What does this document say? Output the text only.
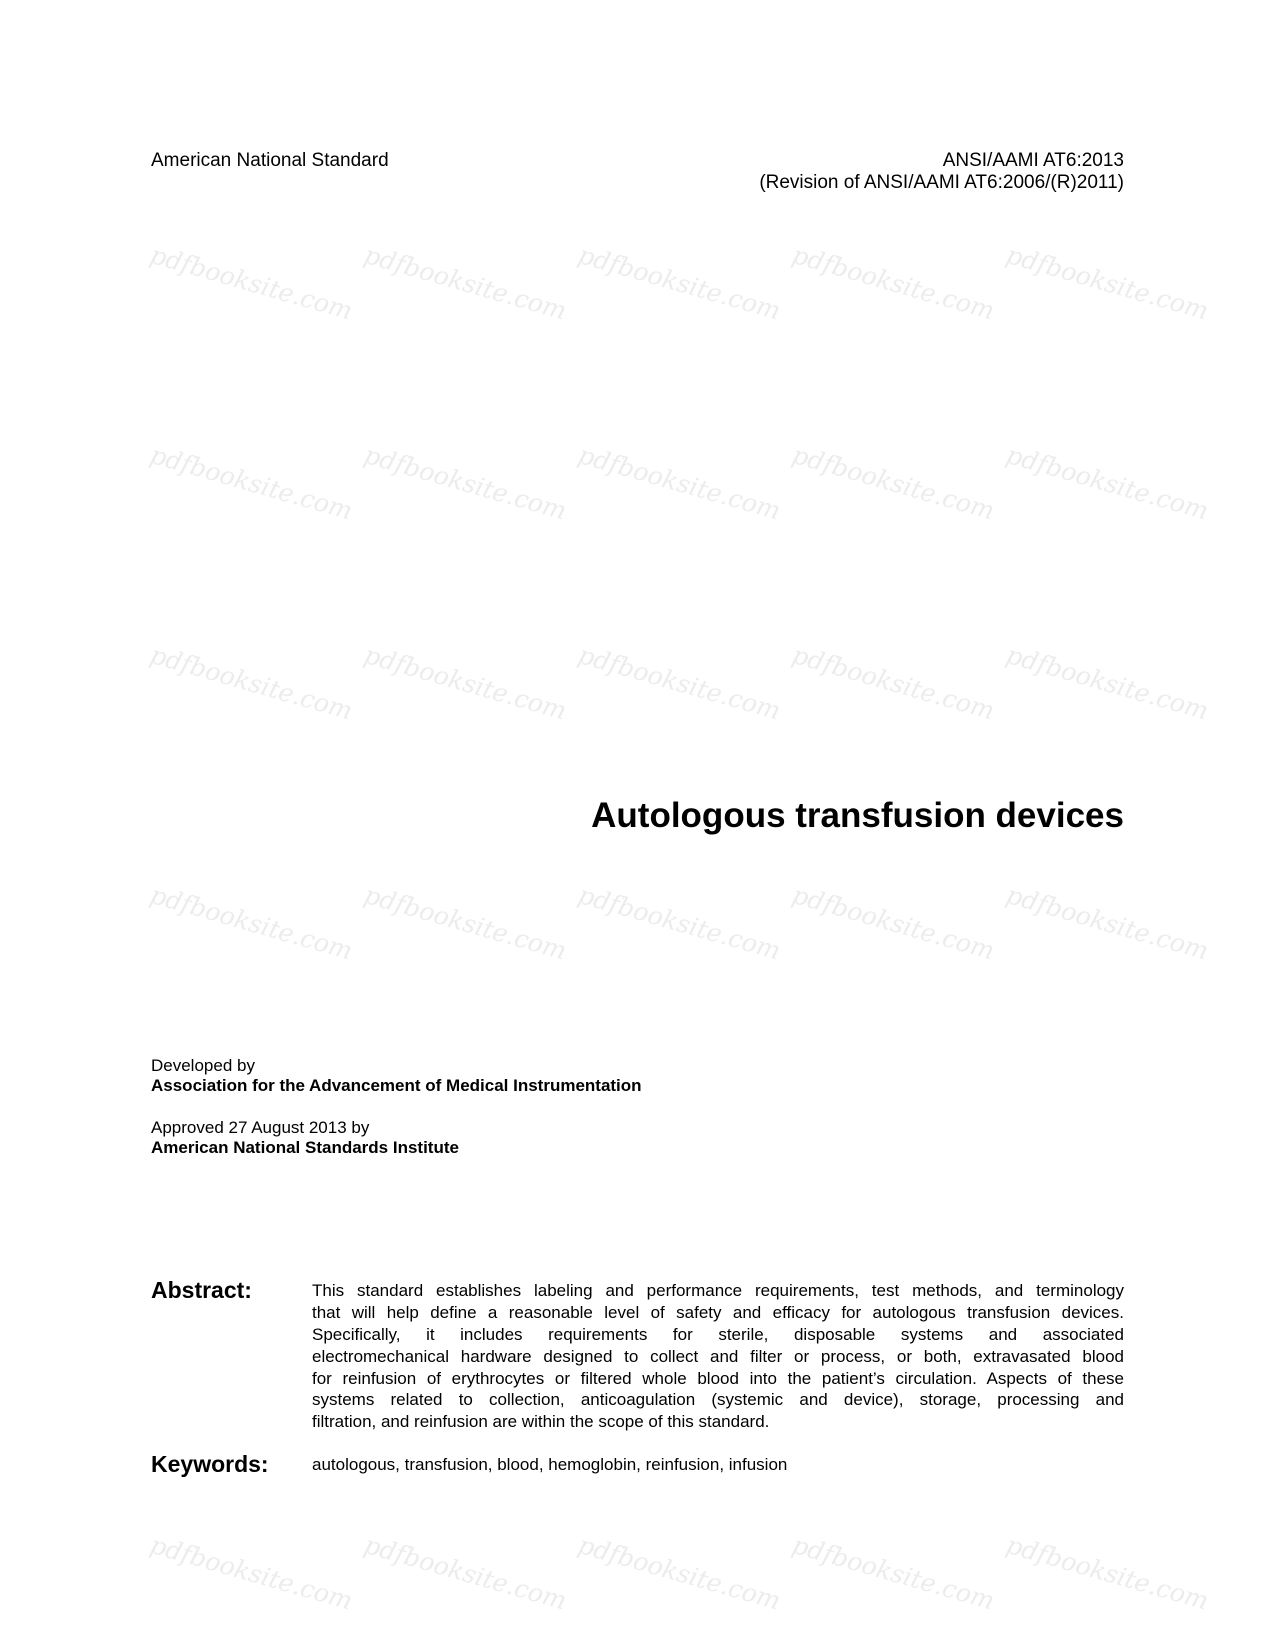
pdfbooksite.com pdfbooksite.com pdfbooksite.com pdfbooksite.com pdfbooksite.com
pdfbooksite.com pdfbooksite.com pdfbooksite.com pdfbooksite.com pdfbooksite.com
pdfbooksite.com pdfbooksite.com pdfbooksite.com pdfbooksite.com pdfbooksite.com
pdfbooksite.com pdfbooksite.com pdfbooksite.com pdfbooksite.com pdfbooksite.com
pdfbooksite.com pdfbooksite.com pdfbooksite.com pdfbooksite.com pdfbooksite.com
American National Standard	ANSI/AAMI AT6:2013
(Revision of ANSI/AAMI AT6:2006/(R)2011)
Autologous transfusion devices
Developed by
Association for the Advancement of Medical Instrumentation
Approved 27 August 2013 by
American National Standards Institute
Abstract:	This standard establishes labeling and performance requirements, test methods, and terminology
that will help define a reasonable level of safety and efficacy for autologous transfusion devices.
Specifically, it includes requirements for sterile, disposable systems and associated
electromechanical hardware designed to collect and filter or process, or both, extravasated blood
for reinfusion of erythrocytes or filtered whole blood into the patient’s circulation. Aspects of these
systems related to collection, anticoagulation (systemic and device), storage, processing and
filtration, and reinfusion are within the scope of this standard.
Keywords:	autologous, transfusion, blood, hemoglobin, reinfusion, infusion
